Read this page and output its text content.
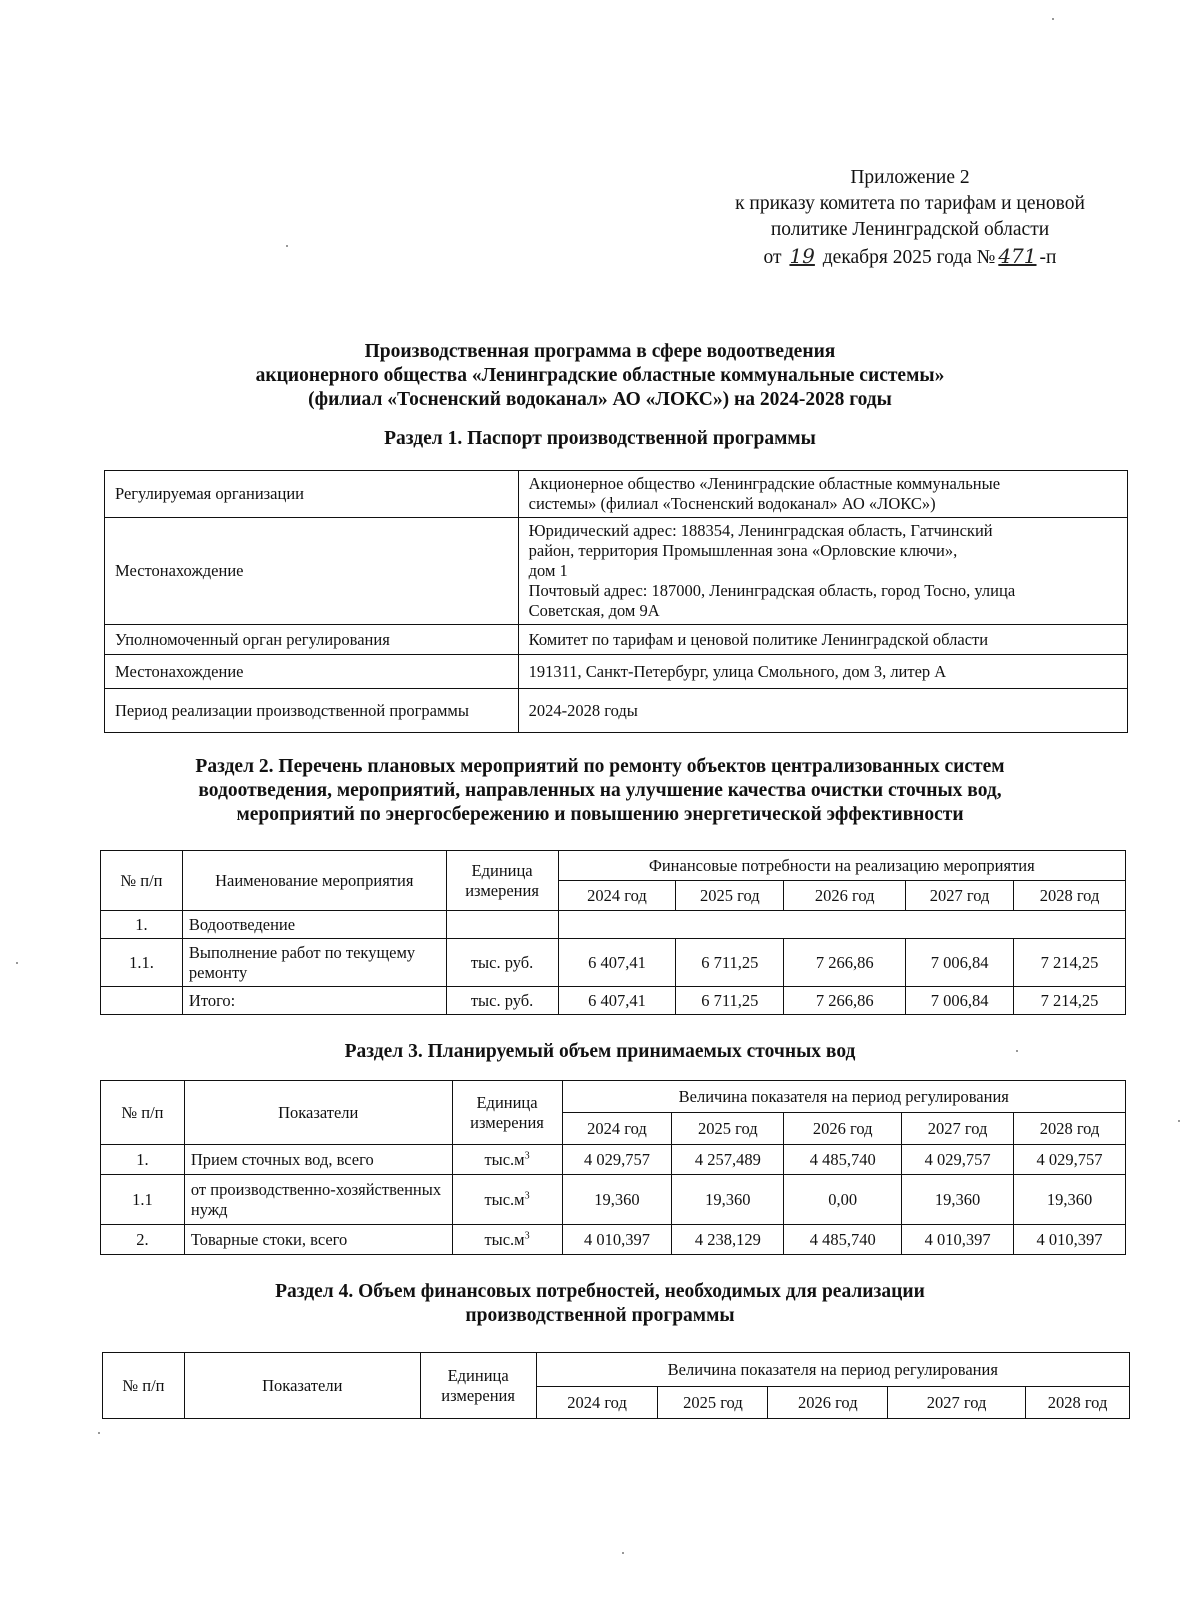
Приложение 2
к приказу комитета по тарифам и ценовой
политике Ленинградской области
от 19 декабря 2025 года № 471 -п
Производственная программа в сфере водоотведения
акционерного общества «Ленинградские областные коммунальные системы»
(филиал «Тосненский водоканал» АО «ЛОКС») на 2024-2028 годы
Раздел 1. Паспорт производственной программы
Регулируемая организации	Акционерное общество «Ленинградские областные коммунальные
системы» (филиал «Тосненский водоканал» АО «ЛОКС»)
Местонахождение	Юридический адрес: 188354, Ленинградская область, Гатчинский
район, территория Промышленная зона «Орловские ключи»,
дом 1
Почтовый адрес: 187000, Ленинградская область, город Тосно, улица
Советская, дом 9А
Уполномоченный орган регулирования	Комитет по тарифам и ценовой политике Ленинградской области
Местонахождение	191311, Санкт-Петербург, улица Смольного, дом 3, литер А
Период реализации производственной программы	2024-2028 годы
Раздел 2. Перечень плановых мероприятий по ремонту объектов централизованных систем
водоотведения, мероприятий, направленных на улучшение качества очистки сточных вод,
мероприятий по энергосбережению и повышению энергетической эффективности
№ п/п	Наименование мероприятия	Единица измерения	Финансовые потребности на реализацию мероприятия				
			2024 год	2025 год	2026 год	2027 год	2028 год
1.	Водоотведение						
1.1.	Выполнение работ по текущему ремонту	тыс. руб.	6 407,41	6 711,25	7 266,86	7 006,84	7 214,25
	Итого:	тыс. руб.	6 407,41	6 711,25	7 266,86	7 006,84	7 214,25
Раздел 3. Планируемый объем принимаемых сточных вод
№ п/п	Показатели	Единица измерения	Величина показателя на период регулирования				
			2024 год	2025 год	2026 год	2027 год	2028 год
1.	Прием сточных вод, всего	$тыс.м^3$	4 029,757	4 257,489	4 485,740	4 029,757	4 029,757
1.1	от производственно-хозяйственных нужд	$тыс.м^3$	19,360	19,360	0,00	19,360	19,360
2.	Товарные стоки, всего	$тыс.м^3$	4 010,397	4 238,129	4 485,740	4 010,397	4 010,397
Раздел 4. Объем финансовых потребностей, необходимых для реализации
производственной программы
№ п/п	Показатели	Единица измерения	Величина показателя на период регулирования				
			2024 год	2025 год	2026 год	2027 год	2028 год
